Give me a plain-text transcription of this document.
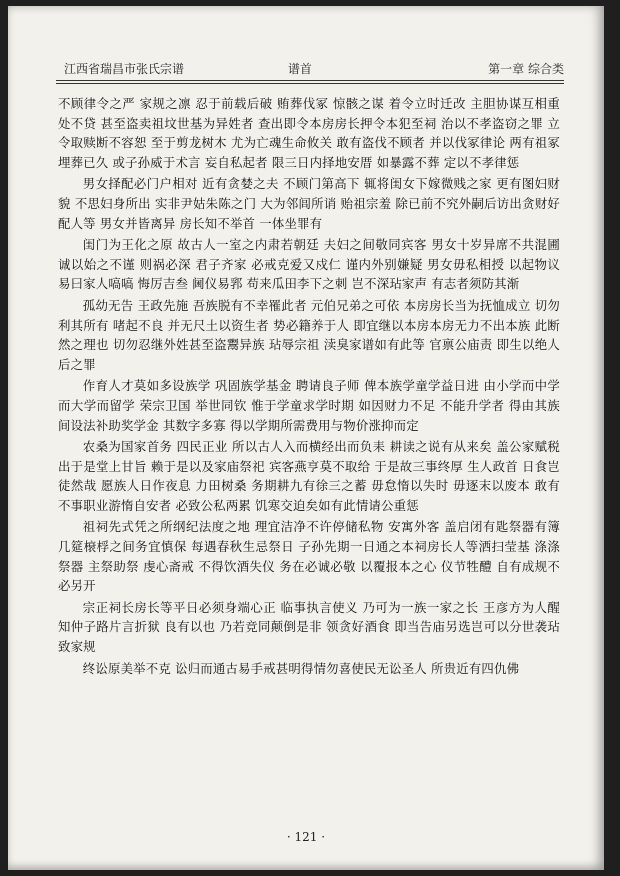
江西省瑞昌市张氏宗谱	谱首	第一章 综合类

不顾律令之严 家规之凛 忍于前载后破 贿葬伐冢 惊骸之谋 着令立时迁改 主胆协谋互相重处不贷 甚至盗卖祖坟世基为异姓者 查出即令本房房长押令本犯至祠 治以不孝盗窃之罪 立令取赎断不容恕 至于剪龙树木 尤为亡魂生命攸关 敢有盗伐不顾者 并以伐冢律论 两有祖冢埋葬已久 或子孙威于术言 妄自私起者 限三日内择地安厝 如暴露不葬 定以不孝律惩

男女择配必门户相对 近有贪婪之夫 不顾门第高下 辄将闺女下嫁微贱之家 更有图妇财貌 不思妇身所出 实非尹姑朱陈之门 大为邻闾所诮 贻祖宗羞 除已前不究外嗣后访出贪财好配人等 男女并皆离异 房长知不举首 一体坐罪有

闺门为王化之原 故古人一室之内肃若朝廷 夫妇之间敬同宾客 男女十岁异席不共混圃 诚以始之不谨 则祸必深 君子齐家 必戒克爱又戍仁 谨内外别嫌疑 男女毋私相授 以起物议 易曰家人嗃嗃 悔厉吉叁 阃仪易郛 苟来瓜田李下之刺 岂不深玷家声 有志者须防其渐

孤幼无告 王政先施 吾族脱有不幸罹此者 元伯兄弟之可依 本房房长当为抚恤成立 切勿利其所有 啫起不良 并无尺土以资生者 势必籍养于人 即宜继以本房本房无力不出本族 此断然之理也 切勿忍继外姓甚至盗鬻异族 玷辱宗祖 渎臭家谱如有此等 官禀公庙责 即生以绝人后之罪

作育人才莫如多设族学 巩固族学基金 聘请良子师 俾本族学童学益日进 由小学而中学而大学而留学 荣宗卫国 举世同钦 惟于学童求学时期 如因财力不足 不能升学者 得由其族间设法补助奖学金 其数字多寡 得以学期所需费用与物价涨抑而定

农桑为国家首务 四民正业 所以古人入而横经出而负耒 耕读之说有从来矣 盖公家赋税 出于是堂上甘旨 赖于是以及家庙祭祀 宾客燕亨莫不取给 于是故三事终厚 生人政首 日食岂徒然哉 愿族人日作夜息 力田树桑 务期耕九有徐三之蓄 毋怠惰以失时 毋逐末以废本 敢有不事职业游惰自安者 必致公私两累 饥寒交迫矣如有此情请公重惩

祖祠先式凭之所纲纪法度之地 理宜洁净不许停储私物 安寓外客 盖启闭有匙祭器有簿 几筵榱桴之间务宜慎保 每遇春秋生忌祭日 子孙先期一日通之本祠房长人等洒扫莹基 涤涤祭器 主祭助祭 虔心斋戒 不得饮酒失仪 务在必诚必敬 以覆报本之心 仪节牲醴 自有成规不必另开

宗正祠长房长等平日必须身端心正 临事执言使义 乃可为一族一家之长 王彦方为人醒知仲子路片言折狱 良有以也 乃若竞同颠倒是非 领贪好酒食 即当告庙另选岂可以分世袭玷致家规

终讼原美举不克 讼归而通古易手戒甚明得情勿喜使民无讼圣人 所贵近有四仇佛

· 121 ·
